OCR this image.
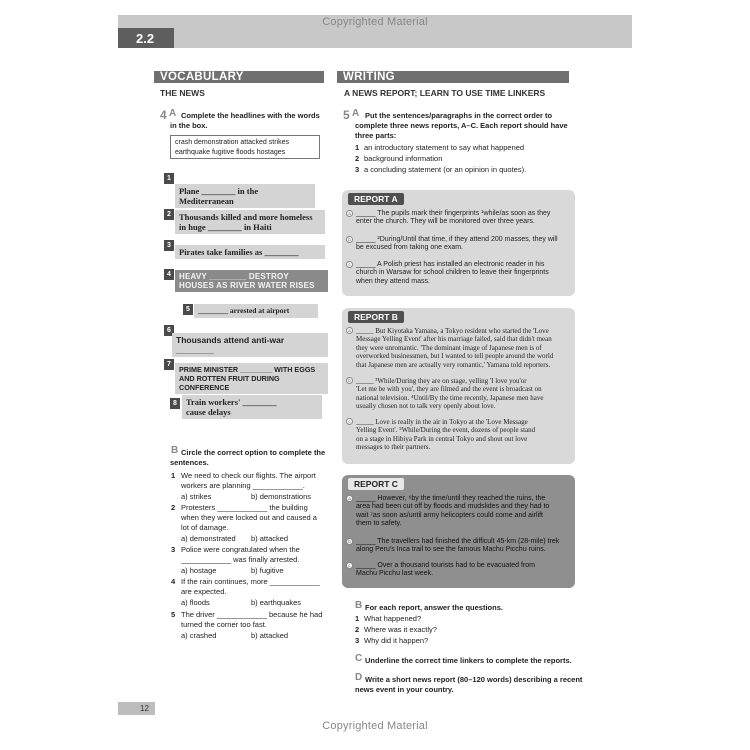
Copyrighted Material
2.2
VOCABULARY
THE NEWS
4 A Complete the headlines with the words
in the box.
crash demonstration attacked strikes
earthquake fugitive floods hostages
1
Plane ________ in the Mediterranean
2 Thousands killed and more homeless
in huge ________ in Haiti
3
Pirates take families as ________
4	HEAVY ________ DESTROY
HOUSES AS RIVER WATER RISES
5	________ arrested at airport
6
Thousands attend anti-war ________
7
PRIME MINISTER ________ WITH EGGS
AND ROTTEN FRUIT DURING CONFERENCE
8	Train workers' ________
cause delays
B Circle the correct option to complete the
sentences.
1 We need to check our flights. The airport
workers are planning ____________.
a) strikes	b) demonstrations
2 Protesters ____________ the building
when they were locked out and caused a
lot of damage.
a) demonstrated b) attacked
3 Police were congratulated when the
____________ was finally arrested.
a) hostage	b) fugitive
4 If the rain continues, more ____________
are expected.
a) floods	b) earthquakes
5 The driver ____________ because he had
turned the corner too fast.
a) crashed	b) attacked
WRITING
A NEWS REPORT; LEARN TO USE TIME LINKERS
5 A Put the sentences/paragraphs in the correct order to
complete three news reports, A–C. Each report should have
three parts:
1 an introductory statement to say what happened
2 background information
3 a concluding statement (or an opinion in quotes).
REPORT A
a _____ The pupils mark their fingerprints ¹while/as soon as they
enter the church. They will be monitored over three years.
b _____ ²During/Until that time, if they attend 200 masses, they will
be excused from taking one exam.
c _____ A Polish priest has installed an electronic reader in his
church in Warsaw for school children to leave their fingerprints
when they attend mass.
REPORT B
a _____ But Kiyotaka Yamana, a Tokyo resident who started the 'Love
Message Yelling Event' after his marriage failed, said that didn't mean
they were unromantic. 'The dominant image of Japanese men is of
overworked businessmen, but I wanted to tell people around the world
that Japanese men are actually very romantic,' Yamana told reporters.
b _____ ³While/During they are on stage, yelling 'I love you'or
'Let me be with you', they are filmed and the event is broadcast on
national television. ⁴Until/By the time recently, Japanese men have
usually chosen not to talk very openly about love.
c _____ Love is really in the air in Tokyo at the 'Love Message
Yelling Event'. ⁵While/During the event, dozens of people stand
on a stage in Hibiya Park in central Tokyo and shout out love
messages to their partners.
REPORT C
a _____ However, ⁶by the time/until they reached the ruins, the
area had been cut off by floods and mudslides and they had to
wait ⁷as soon as/until army helicopters could come and airlift
them to safety.
b _____ The travellers had finished the difficult 45-km (28-mile) trek
along Peru's Inca trail to see the famous Machu Picchu ruins.
c _____ Over a thousand tourists had to be evacuated from
Machu Picchu last week.
B For each report, answer the questions.
1 What happened?
2 Where was it exactly?
3 Why did it happen?
C Underline the correct time linkers to complete the reports.
D Write a short news report (80–120 words) describing a recent
news event in your country.
12
Copyrighted Material
